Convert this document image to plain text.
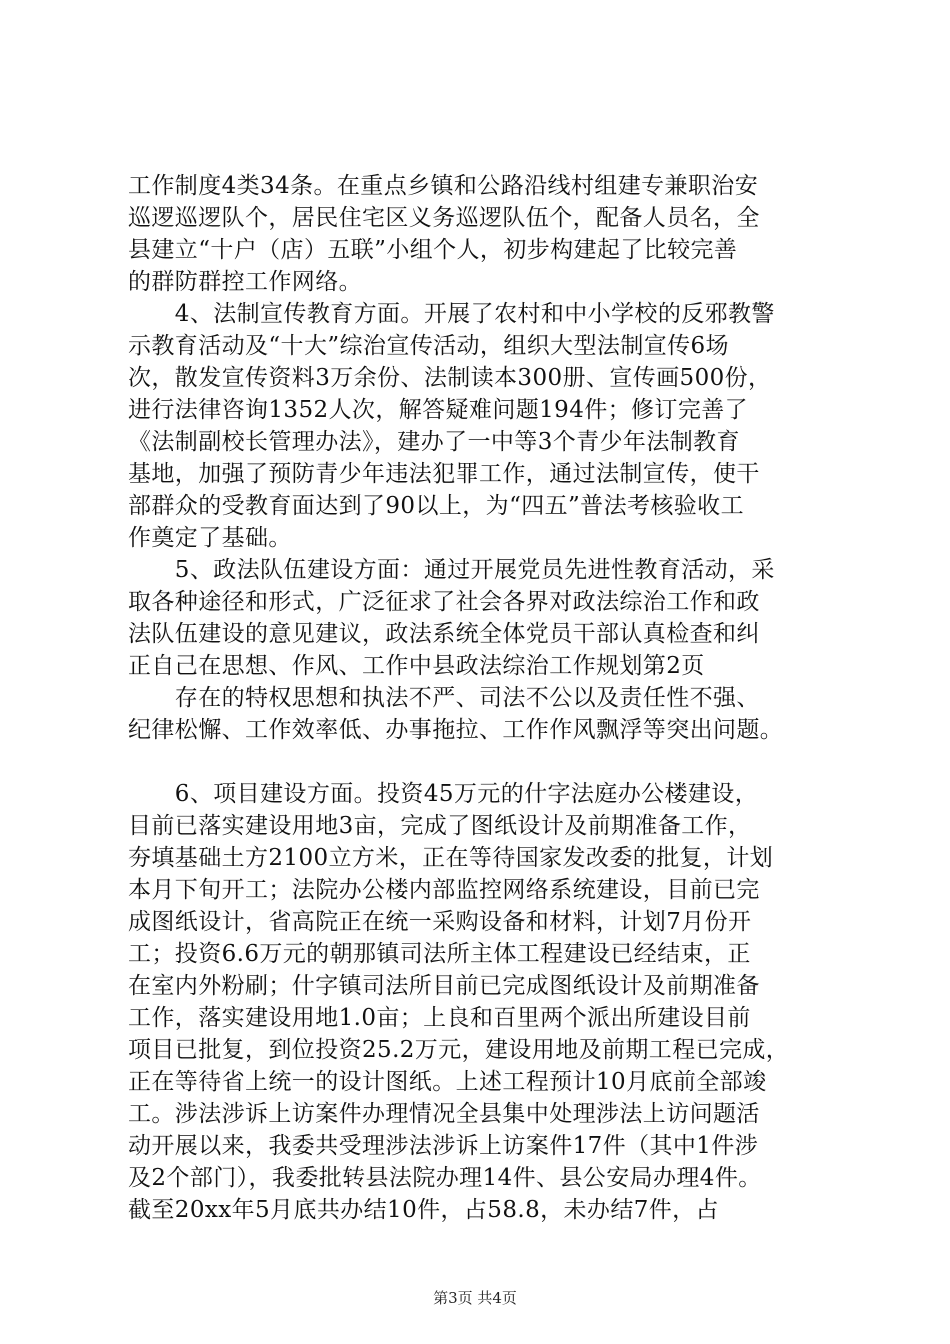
工作制度4类34条。在重点乡镇和公路沿线村组建专兼职治安
巡逻巡逻队个，居民住宅区义务巡逻队伍个，配备人员名，全
县建立“十户（店）五联”小组个人，初步构建起了比较完善
的群防群控工作网络。
　　4、法制宣传教育方面。开展了农村和中小学校的反邪教警
示教育活动及“十大”综治宣传活动，组织大型法制宣传6场
次，散发宣传资料3万余份、法制读本300册、宣传画500份，
进行法律咨询1352人次，解答疑难问题194件；修订完善了
《法制副校长管理办法》，建办了一中等3个青少年法制教育
基地，加强了预防青少年违法犯罪工作，通过法制宣传，使干
部群众的受教育面达到了90以上，为“四五”普法考核验收工
作奠定了基础。
　　5、政法队伍建设方面：通过开展党员先进性教育活动，采
取各种途径和形式，广泛征求了社会各界对政法综治工作和政
法队伍建设的意见建议，政法系统全体党员干部认真检查和纠
正自己在思想、作风、工作中县政法综治工作规划第2页
　　存在的特权思想和执法不严、司法不公以及责任性不强、
纪律松懈、工作效率低、办事拖拉、工作作风飘浮等突出问题。
　　6、项目建设方面。投资45万元的什字法庭办公楼建设，
目前已落实建设用地3亩，完成了图纸设计及前期准备工作，
夯填基础土方2100立方米，正在等待国家发改委的批复，计划
本月下旬开工；法院办公楼内部监控网络系统建设，目前已完
成图纸设计，省高院正在统一采购设备和材料，计划7月份开
工；投资6.6万元的朝那镇司法所主体工程建设已经结束，正
在室内外粉刷；什字镇司法所目前已完成图纸设计及前期准备
工作，落实建设用地1.0亩；上良和百里两个派出所建设目前
项目已批复，到位投资25.2万元，建设用地及前期工程已完成，
正在等待省上统一的设计图纸。上述工程预计10月底前全部竣
工。涉法涉诉上访案件办理情况全县集中处理涉法上访问题活
动开展以来，我委共受理涉法涉诉上访案件17件（其中1件涉
及2个部门），我委批转县法院办理14件、县公安局办理4件。
截至20xx年5月底共办结10件，占58.8，未办结7件，占
第3页 共4页
